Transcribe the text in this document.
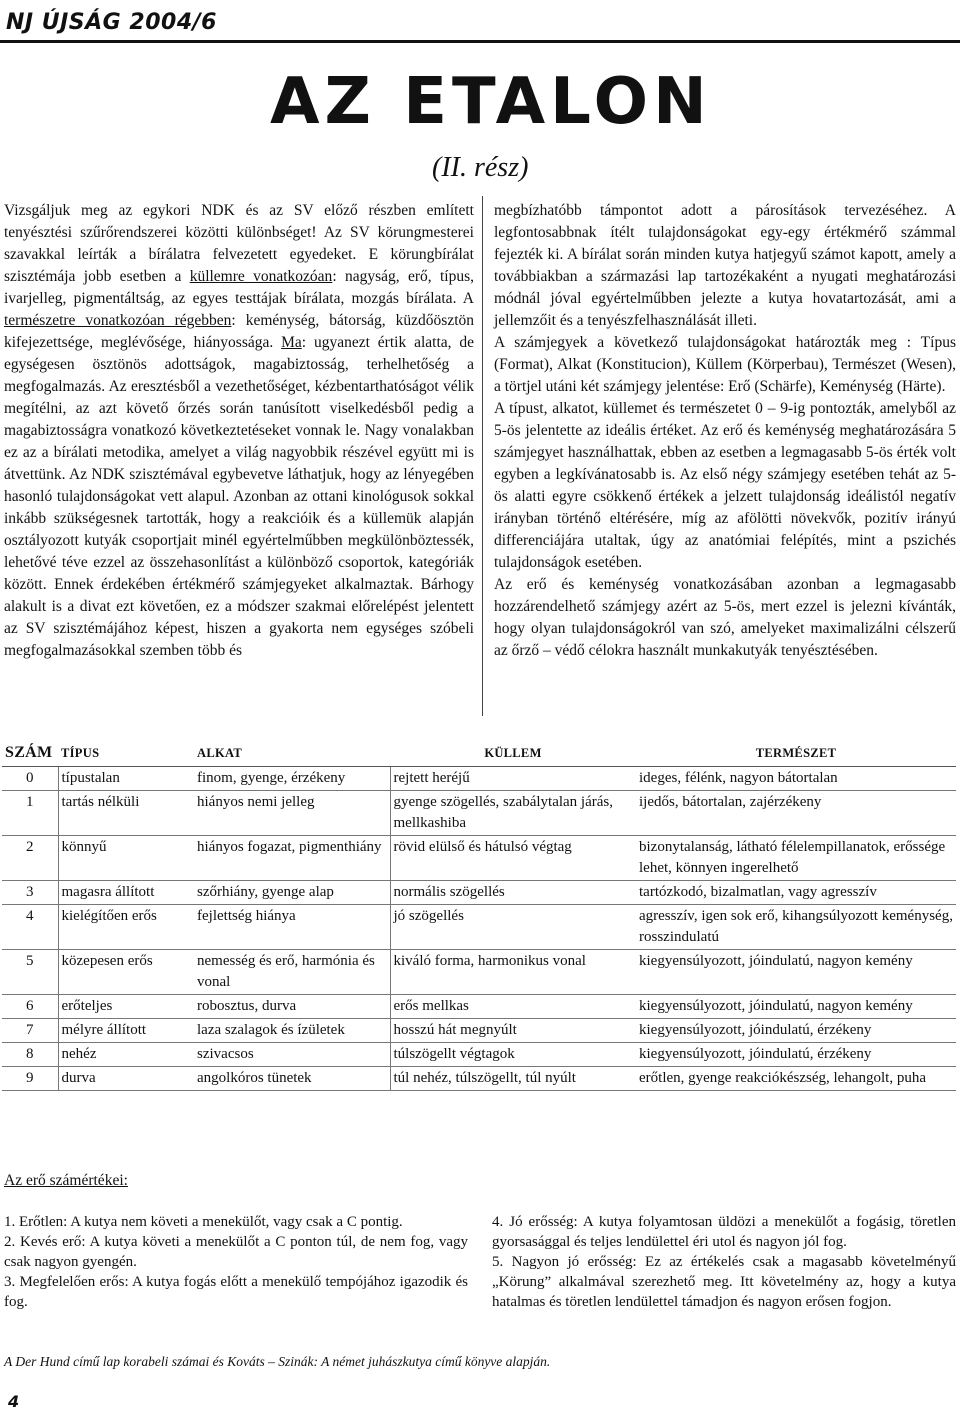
NJ ÚJSÁG 2004/6
AZ ETALON
(II. rész)

Vizsgáljuk meg az egykori NDK és az SV előző részben említett tenyésztési szűrőrendszerei közötti különbséget! Az SV körungmesterei szavakkal leírták a bírálatra felvezetett egyedeket. E körungbírálat szisztémája jobb esetben a küllemre vonatkozóan: nagyság, erő, típus, ivarjelleg, pigmentáltság, az egyes testtájak bírálata, mozgás bírálata. A természetre vonatkozóan régebben: keménység, bátorság, küzdőösztön kifejezettsége, meglévősége, hiányossága. Ma: ugyanezt értik alatta, de egységesen ösztönös adottságok, magabiztosság, terhelhetőség a megfogalmazás. Az eresztésből a vezethetőséget, kézbentarthatóságot vélik megítélni, az azt követő őrzés során tanúsított viselkedésből pedig a magabiztosságra vonatkozó következtetéseket vonnak le. Nagy vonalakban ez az a bírálati metodika, amelyet a világ nagyobbik részével együtt mi is átvettünk. Az NDK szisztémával egybevetve láthatjuk, hogy az lényegében hasonló tulajdonságokat vett alapul. Azonban az ottani kinológusok sokkal inkább szükségesnek tartották, hogy a reakcióik és a küllemük alapján osztályozott kutyák csoportjait minél egyértelműbben megkülönböztessék, lehetővé téve ezzel az összehasonlítást a különböző csoportok, kategóriák között. Ennek érdekében értékmérő számjegyeket alkalmaztak. Bárhogy alakult is a divat ezt követően, ez a módszer szakmai előrelépést jelentett az SV szisztémájához képest, hiszen a gyakorta nem egységes szóbeli megfogalmazásokkal szemben több és

megbízhatóbb támpontot adott a párosítások tervezéséhez. A legfontosabbnak ítélt tulajdonságokat egy-egy értékmérő számmal fejezték ki. A bírálat során minden kutya hatjegyű számot kapott, amely a továbbiakban a származási lap tartozékaként a nyugati meghatározási módnál jóval egyértelműbben jelezte a kutya hovatartozását, ami a jellemzőit és a tenyészfelhasználását illeti.

A számjegyek a következő tulajdonságokat határozták meg : Típus (Format), Alkat (Konstitucion), Küllem (Körperbau), Természet (Wesen), a törtjel utáni két számjegy jelentése: Erő (Schärfe), Keménység (Härte).

A típust, alkatot, küllemet és természetet 0 – 9-ig pontozták, amelyből az 5-ös jelentette az ideális értéket. Az erő és keménység meghatározására 5 számjegyet használhattak, ebben az esetben a legmagasabb 5-ös érték volt egyben a legkívánatosabb is. Az első négy számjegy esetében tehát az 5-ös alatti egyre csökkenő értékek a jelzett tulajdonság ideálistól negatív irányban történő eltérésére, míg az afölötti növekvők, pozitív irányú differenciájára utaltak, úgy az anatómiai felépítés, mint a pszichés tulajdonságok esetében.

Az erő és keménység vonatkozásában azonban a legmagasabb hozzárendelhető számjegy azért az 5-ös, mert ezzel is jelezni kívánták, hogy olyan tulajdonságokról van szó, amelyeket maximalizálni célszerű az őrző – védő célokra használt munkakutyák tenyésztésében.

SZÁM	TÍPUS	ALKAT	KÜLLEM	TERMÉSZET
0	típustalan	finom, gyenge, érzékeny	rejtett heréjű	ideges, félénk, nagyon bátortalan
1	tartás nélküli	hiányos nemi jelleg	gyenge szögellés, szabálytalan járás, mellkashiba	ijedős, bátortalan, zajérzékeny
2	könnyű	hiányos fogazat, pigmenthiány	rövid elülső és hátulsó végtag	bizonytalanság, látható félelempillanatok, erőssége lehet, könnyen ingerelhető
3	magasra állított	szőrhiány, gyenge alap	normális szögellés	tartózkodó, bizalmatlan, vagy agresszív
4	kielégítően erős	fejlettség hiánya	jó szögellés	agresszív, igen sok erő, kihangsúlyozott keménység, rosszindulatú
5	közepesen erős	nemesség és erő, harmónia és vonal	kiváló forma, harmonikus vonal	kiegyensúlyozott, jóindulatú, nagyon kemény
6	erőteljes	robosztus, durva	erős mellkas	kiegyensúlyozott, jóindulatú, nagyon kemény
7	mélyre állított	laza szalagok és ízületek	hosszú hát megnyúlt	kiegyensúlyozott, jóindulatú, érzékeny
8	nehéz	szivacsos	túlszögellt végtagok	kiegyensúlyozott, jóindulatú, érzékeny
9	durva	angolkóros tünetek	túl nehéz, túlszögellt, túl nyúlt	erőtlen, gyenge reakciókészség, lehangolt, puha
Az erő számértékei:

1. Erőtlen: A kutya nem követi a menekülőt, vagy csak a C pontig.

2. Kevés erő: A kutya követi a menekülőt a C ponton túl, de nem fog, vagy csak nagyon gyengén.

3. Megfelelően erős: A kutya fogás előtt a menekülő tempójához igazodik és fog.

4. Jó erősség: A kutya folyamtosan üldözi a menekülőt a fogásig, töretlen gyorsasággal és teljes lendülettel éri utol és nagyon jól fog.

5. Nagyon jó erősség: Ez az értékelés csak a magasabb követelményű „Körung” alkalmával szerezhető meg. Itt követelmény az, hogy a kutya hatalmas és töretlen lendülettel támadjon és nagyon erősen fogjon.

A Der Hund című lap korabeli számai és Kováts – Szinák: A német juhászkutya című könyve alapján.
4
